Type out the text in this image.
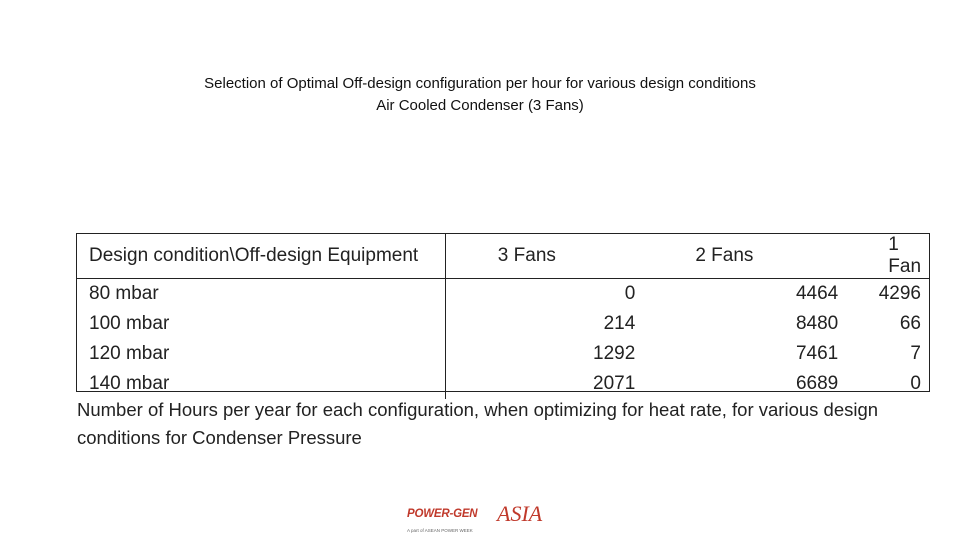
Selection of Optimal Off-design configuration per hour for various design conditions
Air Cooled Condenser (3 Fans)
Design condition\Off-design Equipment	3 Fans	2 Fans	1 Fan
80 mbar	0	4464	4296
100 mbar	214	8480	66
120 mbar	1292	7461	7
140 mbar	2071	6689	0
Number of Hours per year for each configuration, when optimizing for heat rate, for various design conditions for Condenser Pressure
POWER-GEN ASIA
A part of ASEAN POWER WEEK
